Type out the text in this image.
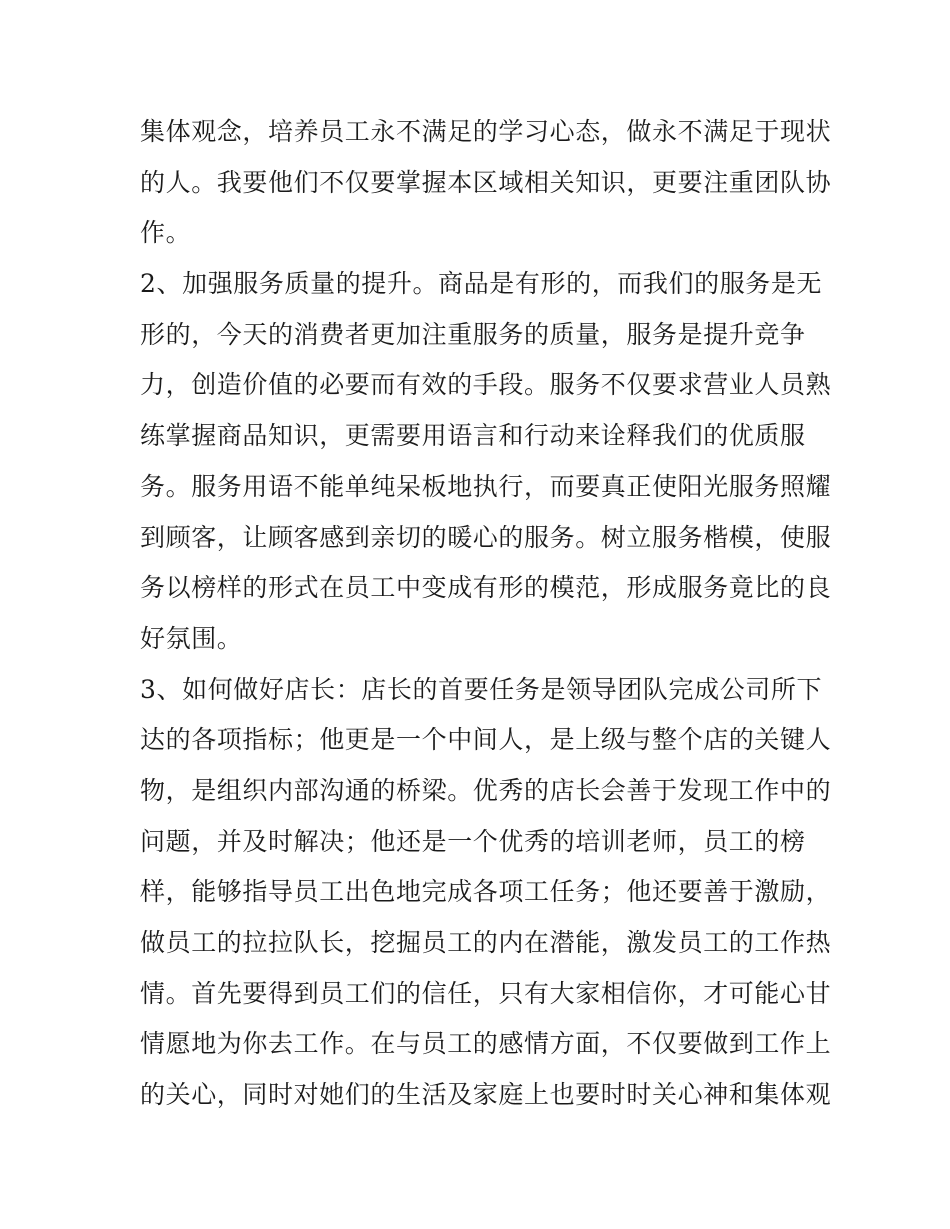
集体观念，培养员工永不满足的学习心态，做永不满足于现状
的人。我要他们不仅要掌握本区域相关知识，更要注重团队协
作。
2、加强服务质量的提升。商品是有形的，而我们的服务是无
形的，今天的消费者更加注重服务的质量，服务是提升竞争
力，创造价值的必要而有效的手段。服务不仅要求营业人员熟
练掌握商品知识，更需要用语言和行动来诠释我们的优质服
务。服务用语不能单纯呆板地执行，而要真正使阳光服务照耀
到顾客，让顾客感到亲切的暖心的服务。树立服务楷模，使服
务以榜样的形式在员工中变成有形的模范，形成服务竟比的良
好氛围。
3、如何做好店长：店长的首要任务是领导团队完成公司所下
达的各项指标；他更是一个中间人，是上级与整个店的关键人
物，是组织内部沟通的桥梁。优秀的店长会善于发现工作中的
问题，并及时解决；他还是一个优秀的培训老师，员工的榜
样，能够指导员工出色地完成各项工任务；他还要善于激励，
做员工的拉拉队长，挖掘员工的内在潜能，激发员工的工作热
情。首先要得到员工们的信任，只有大家相信你，才可能心甘
情愿地为你去工作。在与员工的感情方面，不仅要做到工作上
的关心，同时对她们的生活及家庭上也要时时关心神和集体观
